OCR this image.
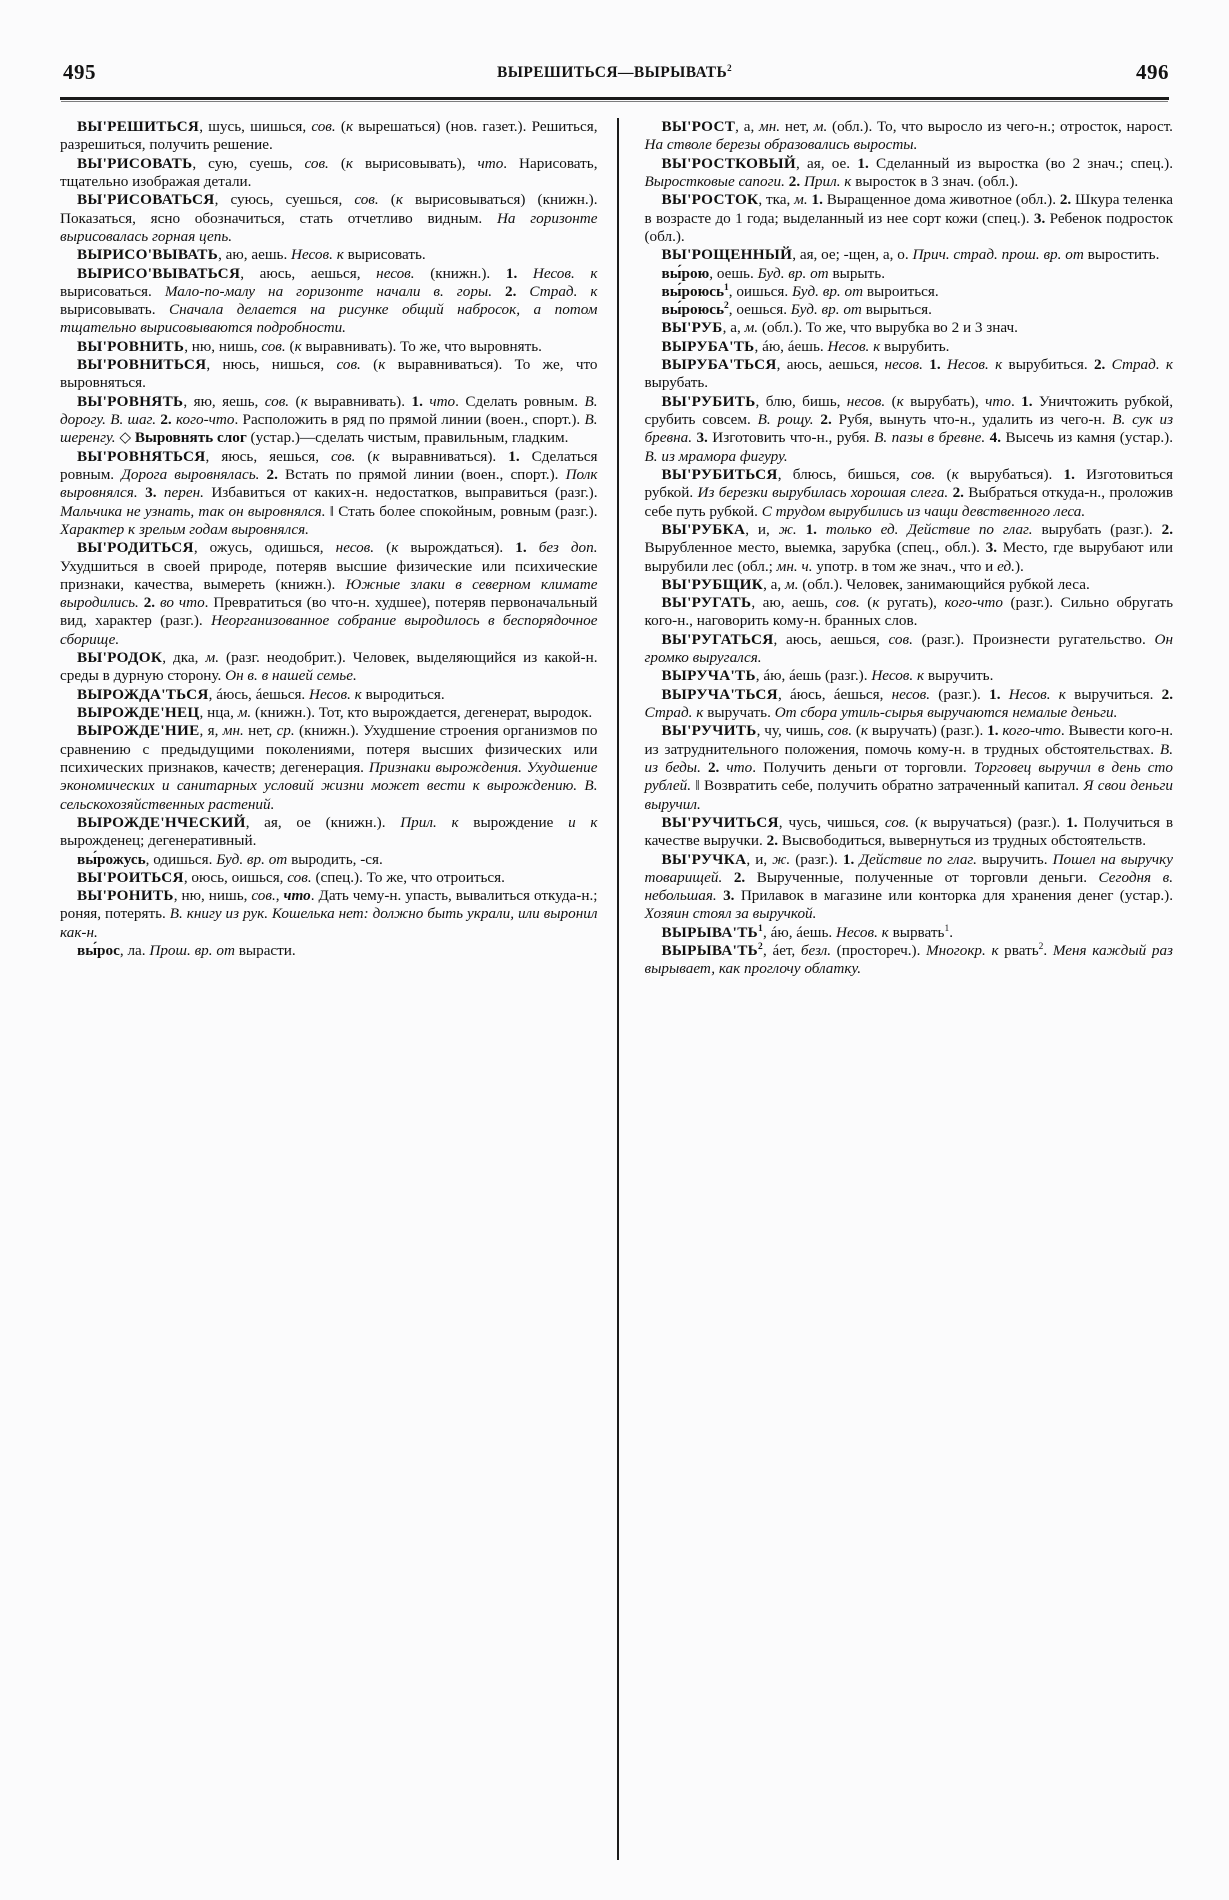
495	ВЫРЕШИТЬСЯ—ВЫРЫВАТЬ$^2$	496

ВЫ'РЕШИТЬСЯ, шусь, шишься, сов. (к вырешаться) (нов. газет.). Решиться, разрешиться, получить решение.

ВЫ'РИСОВАТЬ, сую, суешь, сов. (к вырисовывать), что. Нарисовать, тщательно изображая детали.

ВЫ'РИСОВАТЬСЯ, суюсь, суешься, сов. (к вырисовываться) (книжн.). Показаться, ясно обозначиться, стать отчетливо видным. На горизонте вырисовалась горная цепь.

ВЫРИСО'ВЫВАТЬ, аю, аешь. Несов. к вырисовать.

ВЫРИСО'ВЫВАТЬСЯ, аюсь, аешься, несов. (книжн.). 1. Несов. к вырисоваться. Мало-по-малу на горизонте начали в. горы. 2. Страд. к вырисовывать. Сначала делается на рисунке общий набросок, а потом тщательно вырисовываются подробности.

ВЫ'РОВНИТЬ, ню, нишь, сов. (к выравнивать). То же, что выровнять.

ВЫ'РОВНИТЬСЯ, нюсь, нишься, сов. (к выравниваться). То же, что выровняться.

ВЫ'РОВНЯТЬ, яю, яешь, сов. (к выравнивать). 1. что. Сделать ровным. В. дорогу. В. шаг. 2. кого-что. Расположить в ряд по прямой линии (воен., спорт.). В. шеренгу. ◇ Выровнять слог (устар.)—сделать чистым, правильным, гладким.

ВЫ'РОВНЯТЬСЯ, яюсь, яешься, сов. (к выравниваться). 1. Сделаться ровным. Дорога выровнялась. 2. Встать по прямой линии (воен., спорт.). Полк выровнялся. 3. перен. Избавиться от каких-н. недостатков, выправиться (разг.). Мальчика не узнать, так он выровнялся. ǁ Стать более спокойным, ровным (разг.). Характер к зрелым годам выровнялся.

ВЫ'РОДИТЬСЯ, ожусь, одишься, несов. (к вырождаться). 1. без доп. Ухудшиться в своей природе, потеряв высшие физические или психические признаки, качества, вымереть (книжн.). Южные злаки в северном климате выродились. 2. во что. Превратиться (во что-н. худшее), потеряв первоначальный вид, характер (разг.). Неорганизованное собрание выродилось в беспорядочное сборище.

ВЫ'РОДОК, дка, м. (разг. неодобрит.). Человек, выделяющийся из какой-н. среды в дурную сторону. Он в. в нашей семье.

ВЫРОЖДА'ТЬСЯ, áюсь, áешься. Несов. к выродиться.

ВЫРОЖДЕ'НЕЦ, нца, м. (книжн.). Тот, кто вырождается, дегенерат, выродок.

ВЫРОЖДЕ'НИЕ, я, мн. нет, ср. (книжн.). Ухудшение строения организмов по сравнению с предыдущими поколениями, потеря высших физических или психических признаков, качеств; дегенерация. Признаки вырождения. Ухудшение экономических и санитарных условий жизни может вести к вырождению. В. сельскохозяйственных растений.

ВЫРОЖДЕ'НЧЕСКИЙ, ая, ое (книжн.). Прил. к вырождение и к вырожденец; дегенеративный.

вы́рожусь, одишься. Буд. вр. от выродить, -ся.

ВЫ'РОИТЬСЯ, оюсь, оишься, сов. (спец.). То же, что отроиться.

ВЫ'РОНИТЬ, ню, нишь, сов., что. Дать чему-н. упасть, вывалиться откуда-н.; роняя, потерять. В. книгу из рук. Кошелька нет: должно быть украли, или выронил как-н.

вы́рос, ла. Прош. вр. от вырасти.

ВЫ'РОСТ, а, мн. нет, м. (обл.). То, что выросло из чего-н.; отросток, нарост. На стволе березы образовались выросты.

ВЫ'РОСТКОВЫЙ, ая, ое. 1. Сделанный из выростка (во 2 знач.; спец.). Выростковые сапоги. 2. Прил. к выросток в 3 знач. (обл.).

ВЫ'РОСТОК, тка, м. 1. Выращенное дома животное (обл.). 2. Шкура теленка в возрасте до 1 года; выделанный из нее сорт кожи (спец.). 3. Ребенок подросток (обл.).

ВЫ'РОЩЕННЫЙ, ая, ое; -щен, а, о. Прич. страд. прош. вр. от выростить.

вы́рою, оешь. Буд. вр. от вырыть.

вы́роюсь$^1$, оишься. Буд. вр. от выроиться.

вы́роюсь$^2$, оешься. Буд. вр. от вырыться.

ВЫ'РУБ, а, м. (обл.). То же, что вырубка во 2 и 3 знач.

ВЫРУБА'ТЬ, áю, áешь. Несов. к вырубить.

ВЫРУБА'ТЬСЯ, аюсь, аешься, несов. 1. Несов. к вырубиться. 2. Страд. к вырубать.

ВЫ'РУБИТЬ, блю, бишь, несов. (к вырубать), что. 1. Уничтожить рубкой, срубить совсем. В. рощу. 2. Рубя, вынуть что-н., удалить из чего-н. В. сук из бревна. 3. Изготовить что-н., рубя. В. пазы в бревне. 4. Высечь из камня (устар.). В. из мрамора фигуру.

ВЫ'РУБИТЬСЯ, блюсь, бишься, сов. (к вырубаться). 1. Изготовиться рубкой. Из березки вырубилась хорошая слега. 2. Выбраться откуда-н., проложив себе путь рубкой. С трудом вырубились из чащи девственного леса.

ВЫ'РУБКА, и, ж. 1. только ед. Действие по глаг. вырубать (разг.). 2. Вырубленное место, выемка, зарубка (спец., обл.). 3. Место, где вырубают или вырубили лес (обл.; мн. ч. употр. в том же знач., что и ед.).

ВЫ'РУБЩИК, а, м. (обл.). Человек, занимающийся рубкой леса.

ВЫ'РУГАТЬ, аю, аешь, сов. (к ругать), кого-что (разг.). Сильно обругать кого-н., наговорить кому-н. бранных слов.

ВЫ'РУГАТЬСЯ, аюсь, аешься, сов. (разг.). Произнести ругательство. Он громко выругался.

ВЫРУЧА'ТЬ, áю, áешь (разг.). Несов. к выручить.

ВЫРУЧА'ТЬСЯ, áюсь, áешься, несов. (разг.). 1. Несов. к выручиться. 2. Страд. к выручать. От сбора утиль-сырья выручаются немалые деньги.

ВЫ'РУЧИТЬ, чу, чишь, сов. (к выручать) (разг.). 1. кого-что. Вывести кого-н. из затруднительного положения, помочь кому-н. в трудных обстоятельствах. В. из беды. 2. что. Получить деньги от торговли. Торговец выручил в день сто рублей. ǁ Возвратить себе, получить обратно затраченный капитал. Я свои деньги выручил.

ВЫ'РУЧИТЬСЯ, чусь, чишься, сов. (к выручаться) (разг.). 1. Получиться в качестве выручки. 2. Высвободиться, вывернуться из трудных обстоятельств.

ВЫ'РУЧКА, и, ж. (разг.). 1. Действие по глаг. выручить. Пошел на выручку товарищей. 2. Вырученные, полученные от торговли деньги. Сегодня в. небольшая. 3. Прилавок в магазине или конторка для хранения денег (устар.). Хозяин стоял за выручкой.

$ВЫРЫВА'ТЬ^1$, áю, áешь. Несов. к вырвать$^1$.

$ВЫРЫВА'ТЬ^2$, áет, безл. (простореч.). Многокр. к рвать$^2$. Меня каждый раз вырывает, как проглочу облатку.
